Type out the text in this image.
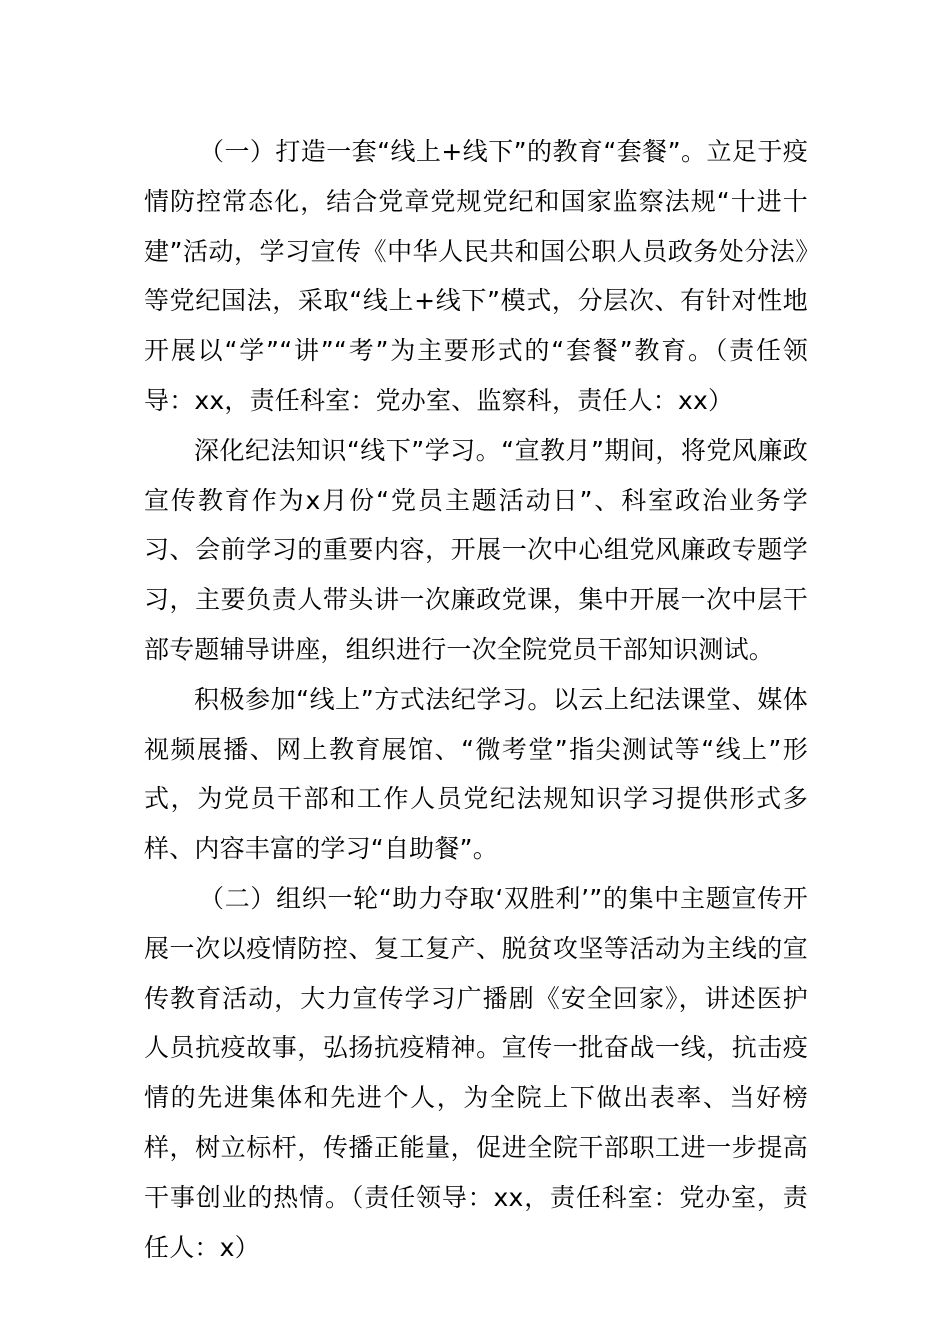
（一）打造一套“线上+线下”的教育“套餐”。立足于疫情防控常态化，结合党章党规党纪和国家监察法规“十进十建”活动，学习宣传《中华人民共和国公职人员政务处分法》等党纪国法，采取“线上+线下”模式，分层次、有针对性地开展以“学”“讲”“考”为主要形式的“套餐”教育。（责任领导：xx，责任科室：党办室、监察科，责任人：xx）

深化纪法知识“线下”学习。“宣教月”期间，将党风廉政宣传教育作为x月份“党员主题活动日”、科室政治业务学习、会前学习的重要内容，开展一次中心组党风廉政专题学习，主要负责人带头讲一次廉政党课，集中开展一次中层干部专题辅导讲座，组织进行一次全院党员干部知识测试。

积极参加“线上”方式法纪学习。以云上纪法课堂、媒体视频展播、网上教育展馆、“微考堂”指尖测试等“线上”形式，为党员干部和工作人员党纪法规知识学习提供形式多样、内容丰富的学习“自助餐”。

（二）组织一轮“助力夺取‘双胜利’”的集中主题宣传开展一次以疫情防控、复工复产、脱贫攻坚等活动为主线的宣传教育活动，大力宣传学习广播剧《安全回家》，讲述医护人员抗疫故事，弘扬抗疫精神。宣传一批奋战一线，抗击疫情的先进集体和先进个人，为全院上下做出表率、当好榜样，树立标杆，传播正能量，促进全院干部职工进一步提高干事创业的热情。（责任领导：xx，责任科室：党办室，责任人：x）
